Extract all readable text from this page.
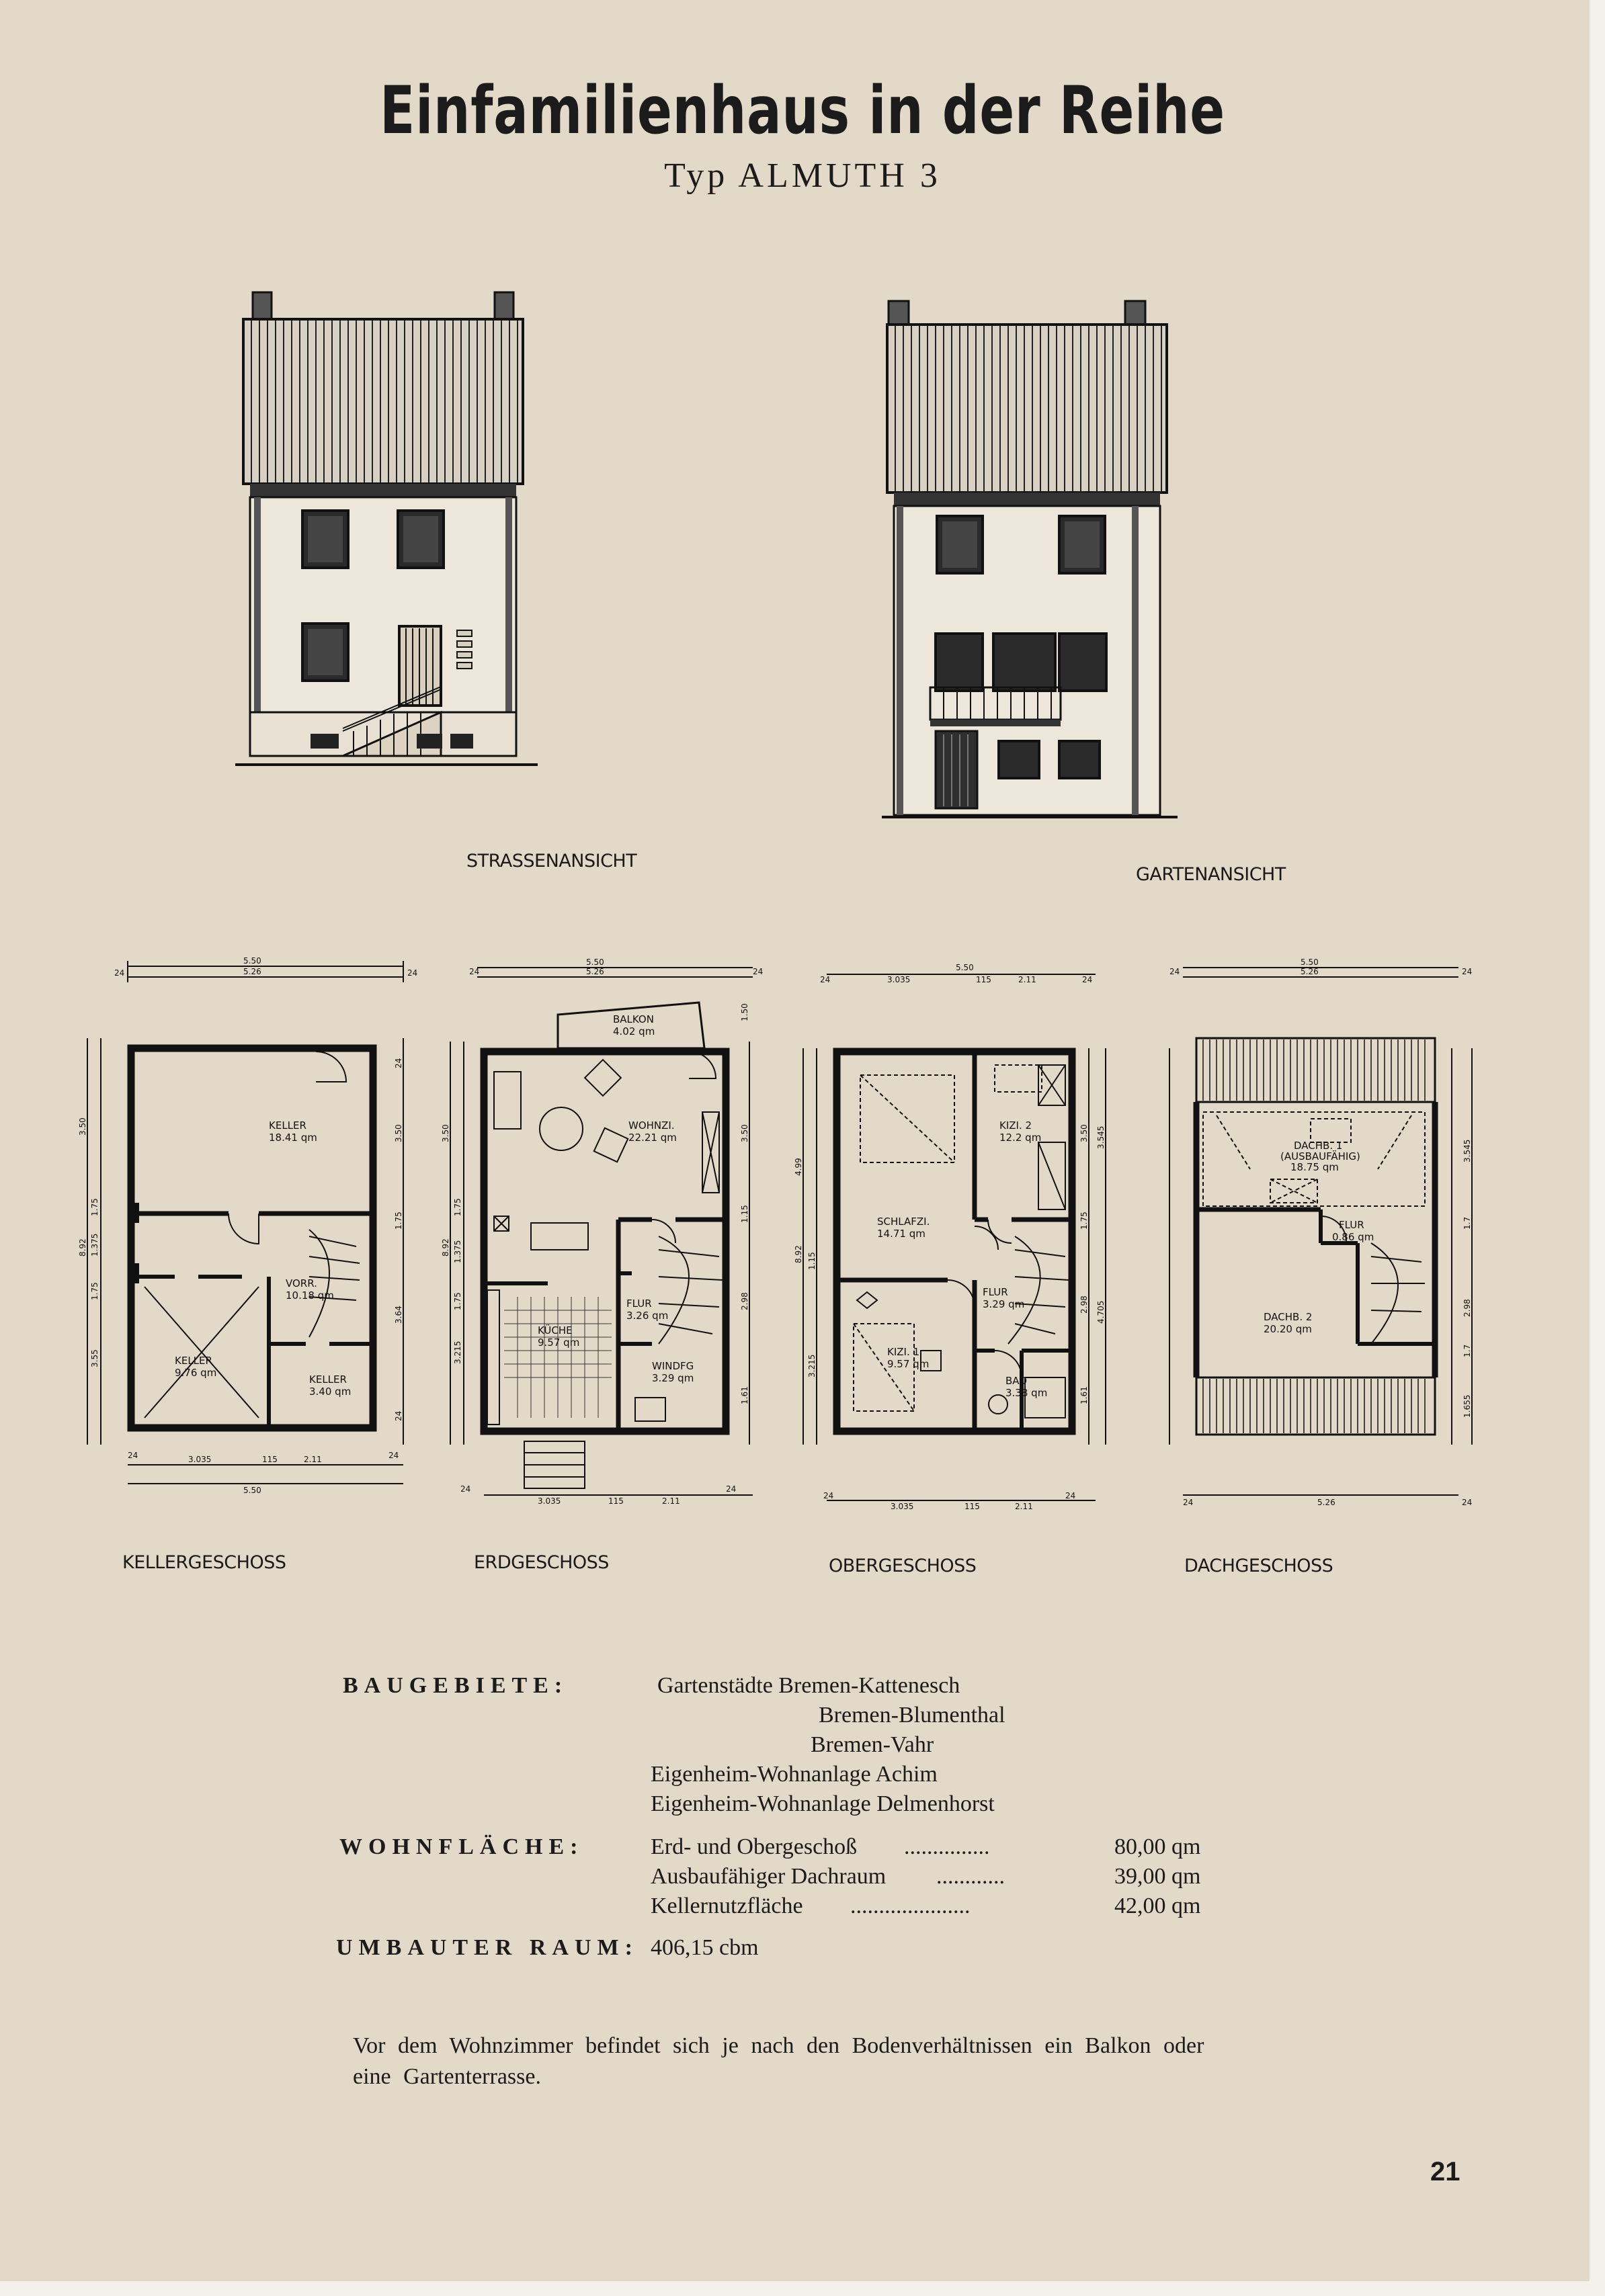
Einfamilienhaus in der Reihe
Typ ALMUTH 3
STRASSENANSICHT
GARTENANSICHT
5.50
5.26
24	24
3.035	115	2.11
5.50
24	24
3.50
1.75
8.92 1.375
1.75
3.55
24
3.50
1.75
3.64
24
KELLER
18.41 qm
VORR.
10.18 qm
KELLER
9.76 qm
KELLER
3.40 qm
KELLERGESCHOSS
5.50
5.26
24	24
3.035	115	2.11
24	24
3.50
1.75
8.92 1.375
1.75
3.215
1.50
3.50
1.15
2.98
1.61
BALKON
4.02 qm
WOHNZI.
22.21 qm
FLUR
3.26 qm
KÜCHE
9.57 qm
WINDFG
3.29 qm
ERDGESCHOSS
5.50
3.035	115	2.11
24	24
3.035	115	2.11
24	24
4.99
8.92 1.15
3.215
3.50
1.75
2.98
1.61
3.545
4.705
KIZI. 2
12.2 qm
SCHLAFZI.
14.71 qm
FLUR
3.29 qm
KIZI. 1
9.57 qm
BAD
3.38 qm
OBERGESCHOSS
5.50
5.26
24	24
5.26
24	24
3.545
1.7
2.98
1.7
1.655
DACHB. 1
(AUSBAUFÄHIG)
18.75 qm
FLUR
0.86 qm
DACHB. 2
20.20 qm
DACHGESCHOSS
BAUGEBIETE:	Gartenstädte Bremen-Kattenesch
Bremen-Blumenthal
Bremen-Vahr
Eigenheim-Wohnanlage Achim
Eigenheim-Wohnanlage Delmenhorst
WOHNFLÄCHE:	Erd- und Obergeschoß ...............	80,00 qm
Ausbaufähiger Dachraum ............	39,00 qm
Kellernutzfläche .....................	42,00 qm
UMBAUTER RAUM: 406,15 cbm
Vor dem Wohnzimmer befindet sich je nach den Bodenverhältnissen ein Balkon oder eine Gartenterrasse.
21
